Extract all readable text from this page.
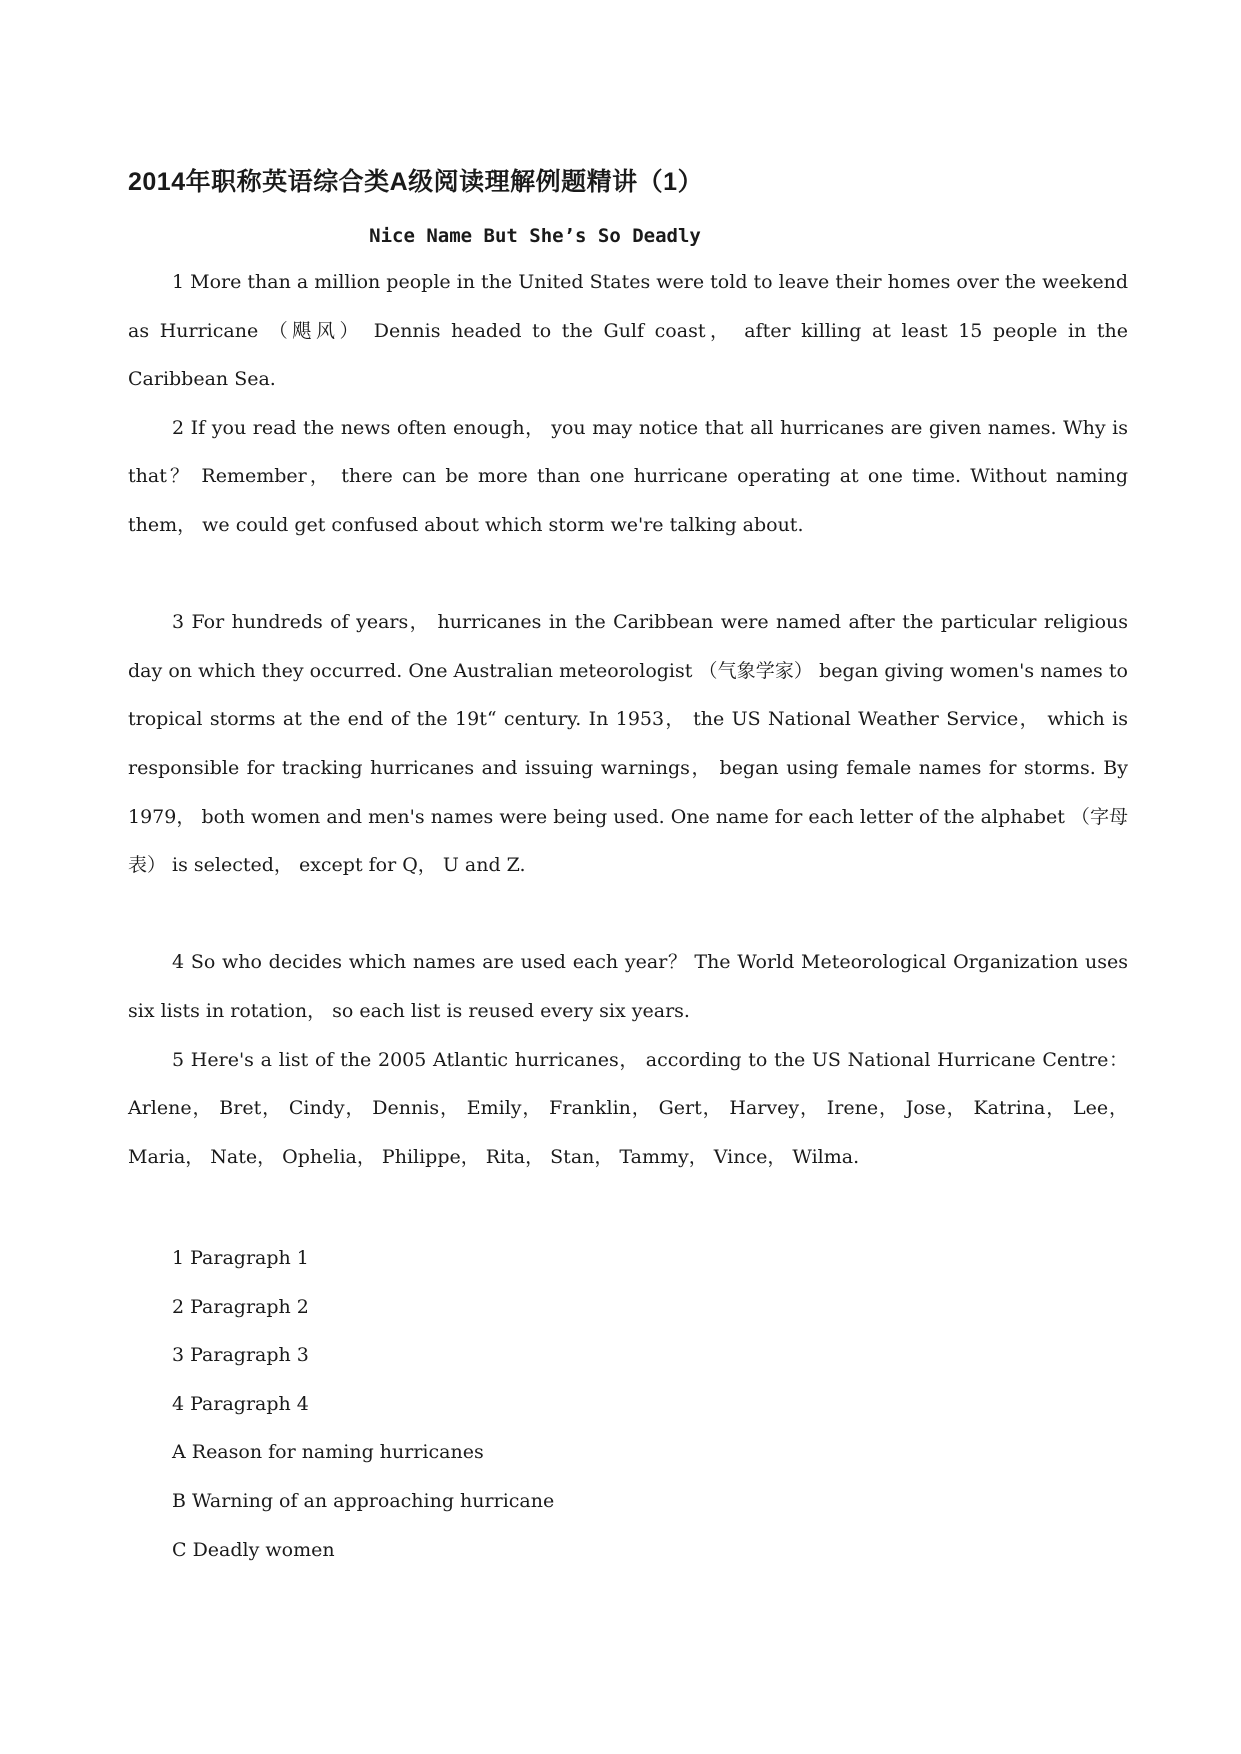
2014年职称英语综合类A级阅读理解例题精讲（1）
Nice Name But She’s So Deadly

1 More than a million people in the United States were told to leave their homes over the weekend as Hurricane （飓风） Dennis headed to the Gulf coast， after killing at least 15 people in the Caribbean Sea.

2 If you read the news often enough， you may notice that all hurricanes are given names. Why is that？ Remember， there can be more than one hurricane operating at one time. Without naming them， we could get confused about which storm we're talking about.

3 For hundreds of years， hurricanes in the Caribbean were named after the particular religious day on which they occurred. One Australian meteorologist （气象学家） began giving women's names to tropical storms at the end of the 19t“ century. In 1953， the US National Weather Service， which is responsible for tracking hurricanes and issuing warnings， began using female names for storms. By 1979， both women and men's names were being used. One name for each letter of the alphabet （字母表） is selected， except for Q， U and Z.

4 So who decides which names are used each year？ The World Meteorological Organization uses six lists in rotation， so each list is reused every six years.

5 Here's a list of the 2005 Atlantic hurricanes， according to the US National Hurricane Centre： Arlene， Bret， Cindy， Dennis， Emily， Franklin， Gert， Harvey， Irene， Jose， Katrina， Lee， Maria， Nate， Ophelia， Philippe， Rita， Stan， Tammy， Vince， Wilma.

1 Paragraph 1
2 Paragraph 2
3 Paragraph 3
4 Paragraph 4
A Reason for naming hurricanes
B Warning of an approaching hurricane
C Deadly women
